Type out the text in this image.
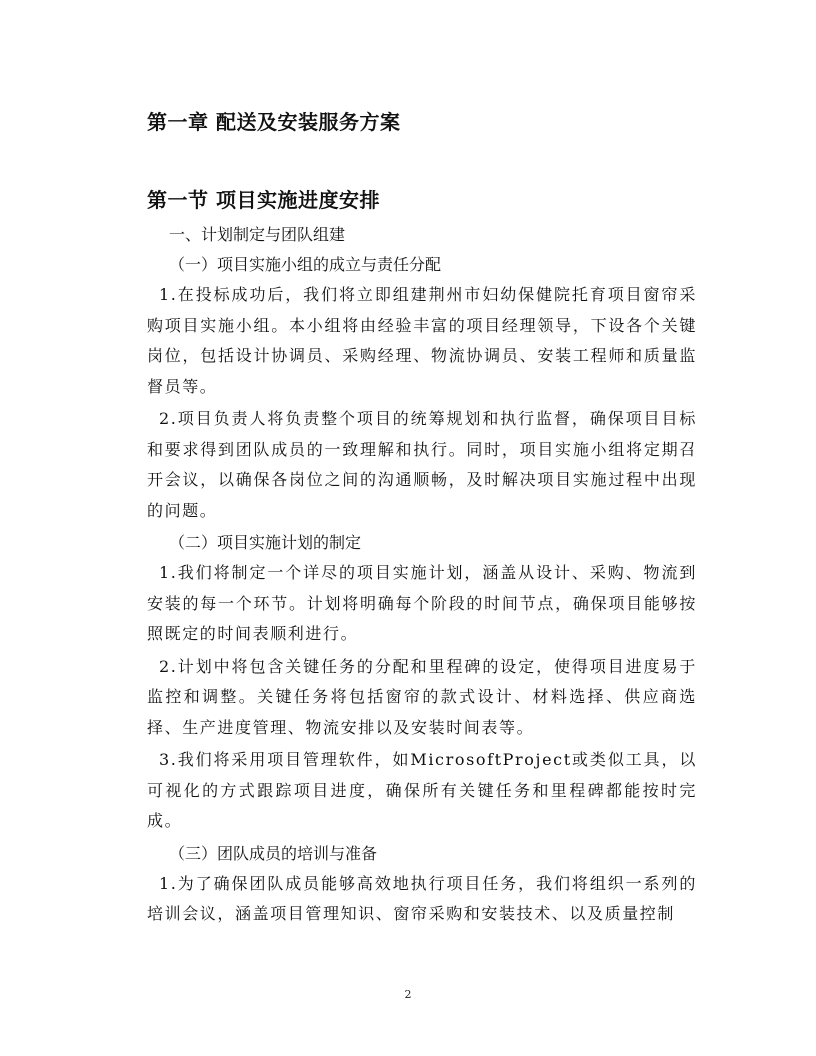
第一章 配送及安装服务方案
第一节 项目实施进度安排
一、计划制定与团队组建
（一）项目实施小组的成立与责任分配

1.在投标成功后，我们将立即组建荆州市妇幼保健院托育项目窗帘采购项目实施小组。本小组将由经验丰富的项目经理领导，下设各个关键岗位，包括设计协调员、采购经理、物流协调员、安装工程师和质量监督员等。

2.项目负责人将负责整个项目的统筹规划和执行监督，确保项目目标和要求得到团队成员的一致理解和执行。同时，项目实施小组将定期召开会议，以确保各岗位之间的沟通顺畅，及时解决项目实施过程中出现的问题。

（二）项目实施计划的制定

1.我们将制定一个详尽的项目实施计划，涵盖从设计、采购、物流到安装的每一个环节。计划将明确每个阶段的时间节点，确保项目能够按照既定的时间表顺利进行。

2.计划中将包含关键任务的分配和里程碑的设定，使得项目进度易于监控和调整。关键任务将包括窗帘的款式设计、材料选择、供应商选择、生产进度管理、物流安排以及安装时间表等。

3.我们将采用项目管理软件，如MicrosoftProject或类似工具，以可视化的方式跟踪项目进度，确保所有关键任务和里程碑都能按时完成。

（三）团队成员的培训与准备

1.为了确保团队成员能够高效地执行项目任务，我们将组织一系列的培训会议，涵盖项目管理知识、窗帘采购和安装技术、以及质量控制

2
